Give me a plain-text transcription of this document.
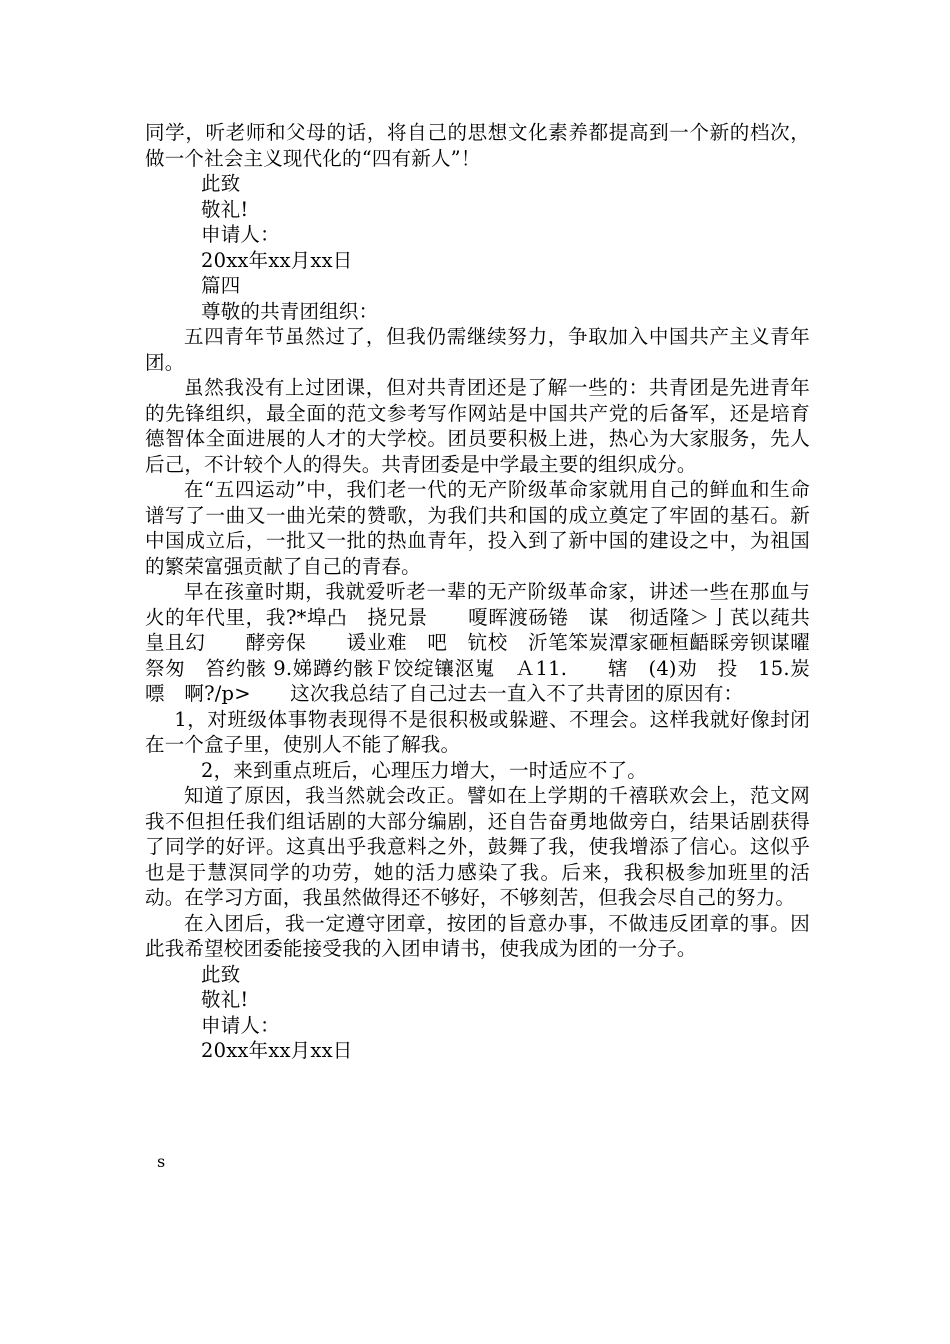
同学，听老师和父母的话，将自己的思想文化素养都提高到一个新的档次，做一个社会主义现代化的“四有新人”！

此致

敬礼!

申请人：

20xx年xx月xx日

篇四

尊敬的共青团组织：

五四青年节虽然过了，但我仍需继续努力，争取加入中国共产主义青年团。

虽然我没有上过团课，但对共青团还是了解一些的：共青团是先进青年的先锋组织，最全面的范文参考写作网站是中国共产党的后备军，还是培育德智体全面进展的人才的大学校。团员要积极上进，热心为大家服务，先人后己，不计较个人的得失。共青团委是中学最主要的组织成分。

在“五四运动”中，我们老一代的无产阶级革命家就用自己的鲜血和生命谱写了一曲又一曲光荣的赞歌，为我们共和国的成立奠定了牢固的基石。新中国成立后，一批又一批的热血青年，投入到了新中国的建设之中，为祖国的繁荣富强贡献了自己的青春。

早在孩童时期，我就爱听老一辈的无产阶级革命家，讲述一些在那血与火的年代里，我?*埠凸　挠兄景　　嗄晖渡砀锩　谋　彻适隆＞亅芪以莼共皇且幻　　酵旁保　　谖业难　吧　钪校　沂笔笨炭潭家砸桓齬睬旁钡谋曜祭匆　笞约骸 9.娣蹲约骸Ｆ饺绽镶沤嵬　Ａ11.　　辖　(4)劝　投　15.炭嘌　啊?/p>　　这次我总结了自己过去一直入不了共青团的原因有：

1，对班级体事物表现得不是很积极或躲避、不理会。这样我就好像封闭在一个盒子里，使别人不能了解我。

2，来到重点班后，心理压力增大，一时适应不了。

知道了原因，我当然就会改正。譬如在上学期的千禧联欢会上，范文网我不但担任我们组话剧的大部分编剧，还自告奋勇地做旁白，结果话剧获得了同学的好评。这真出乎我意料之外，鼓舞了我，使我增添了信心。这似乎也是于慧溟同学的功劳，她的活力感染了我。后来，我积极参加班里的活动。在学习方面，我虽然做得还不够好，不够刻苦，但我会尽自己的努力。

在入团后，我一定遵守团章，按团的旨意办事，不做违反团章的事。因此我希望校团委能接受我的入团申请书，使我成为团的一分子。

此致

敬礼!

申请人：

20xx年xx月xx日

s
